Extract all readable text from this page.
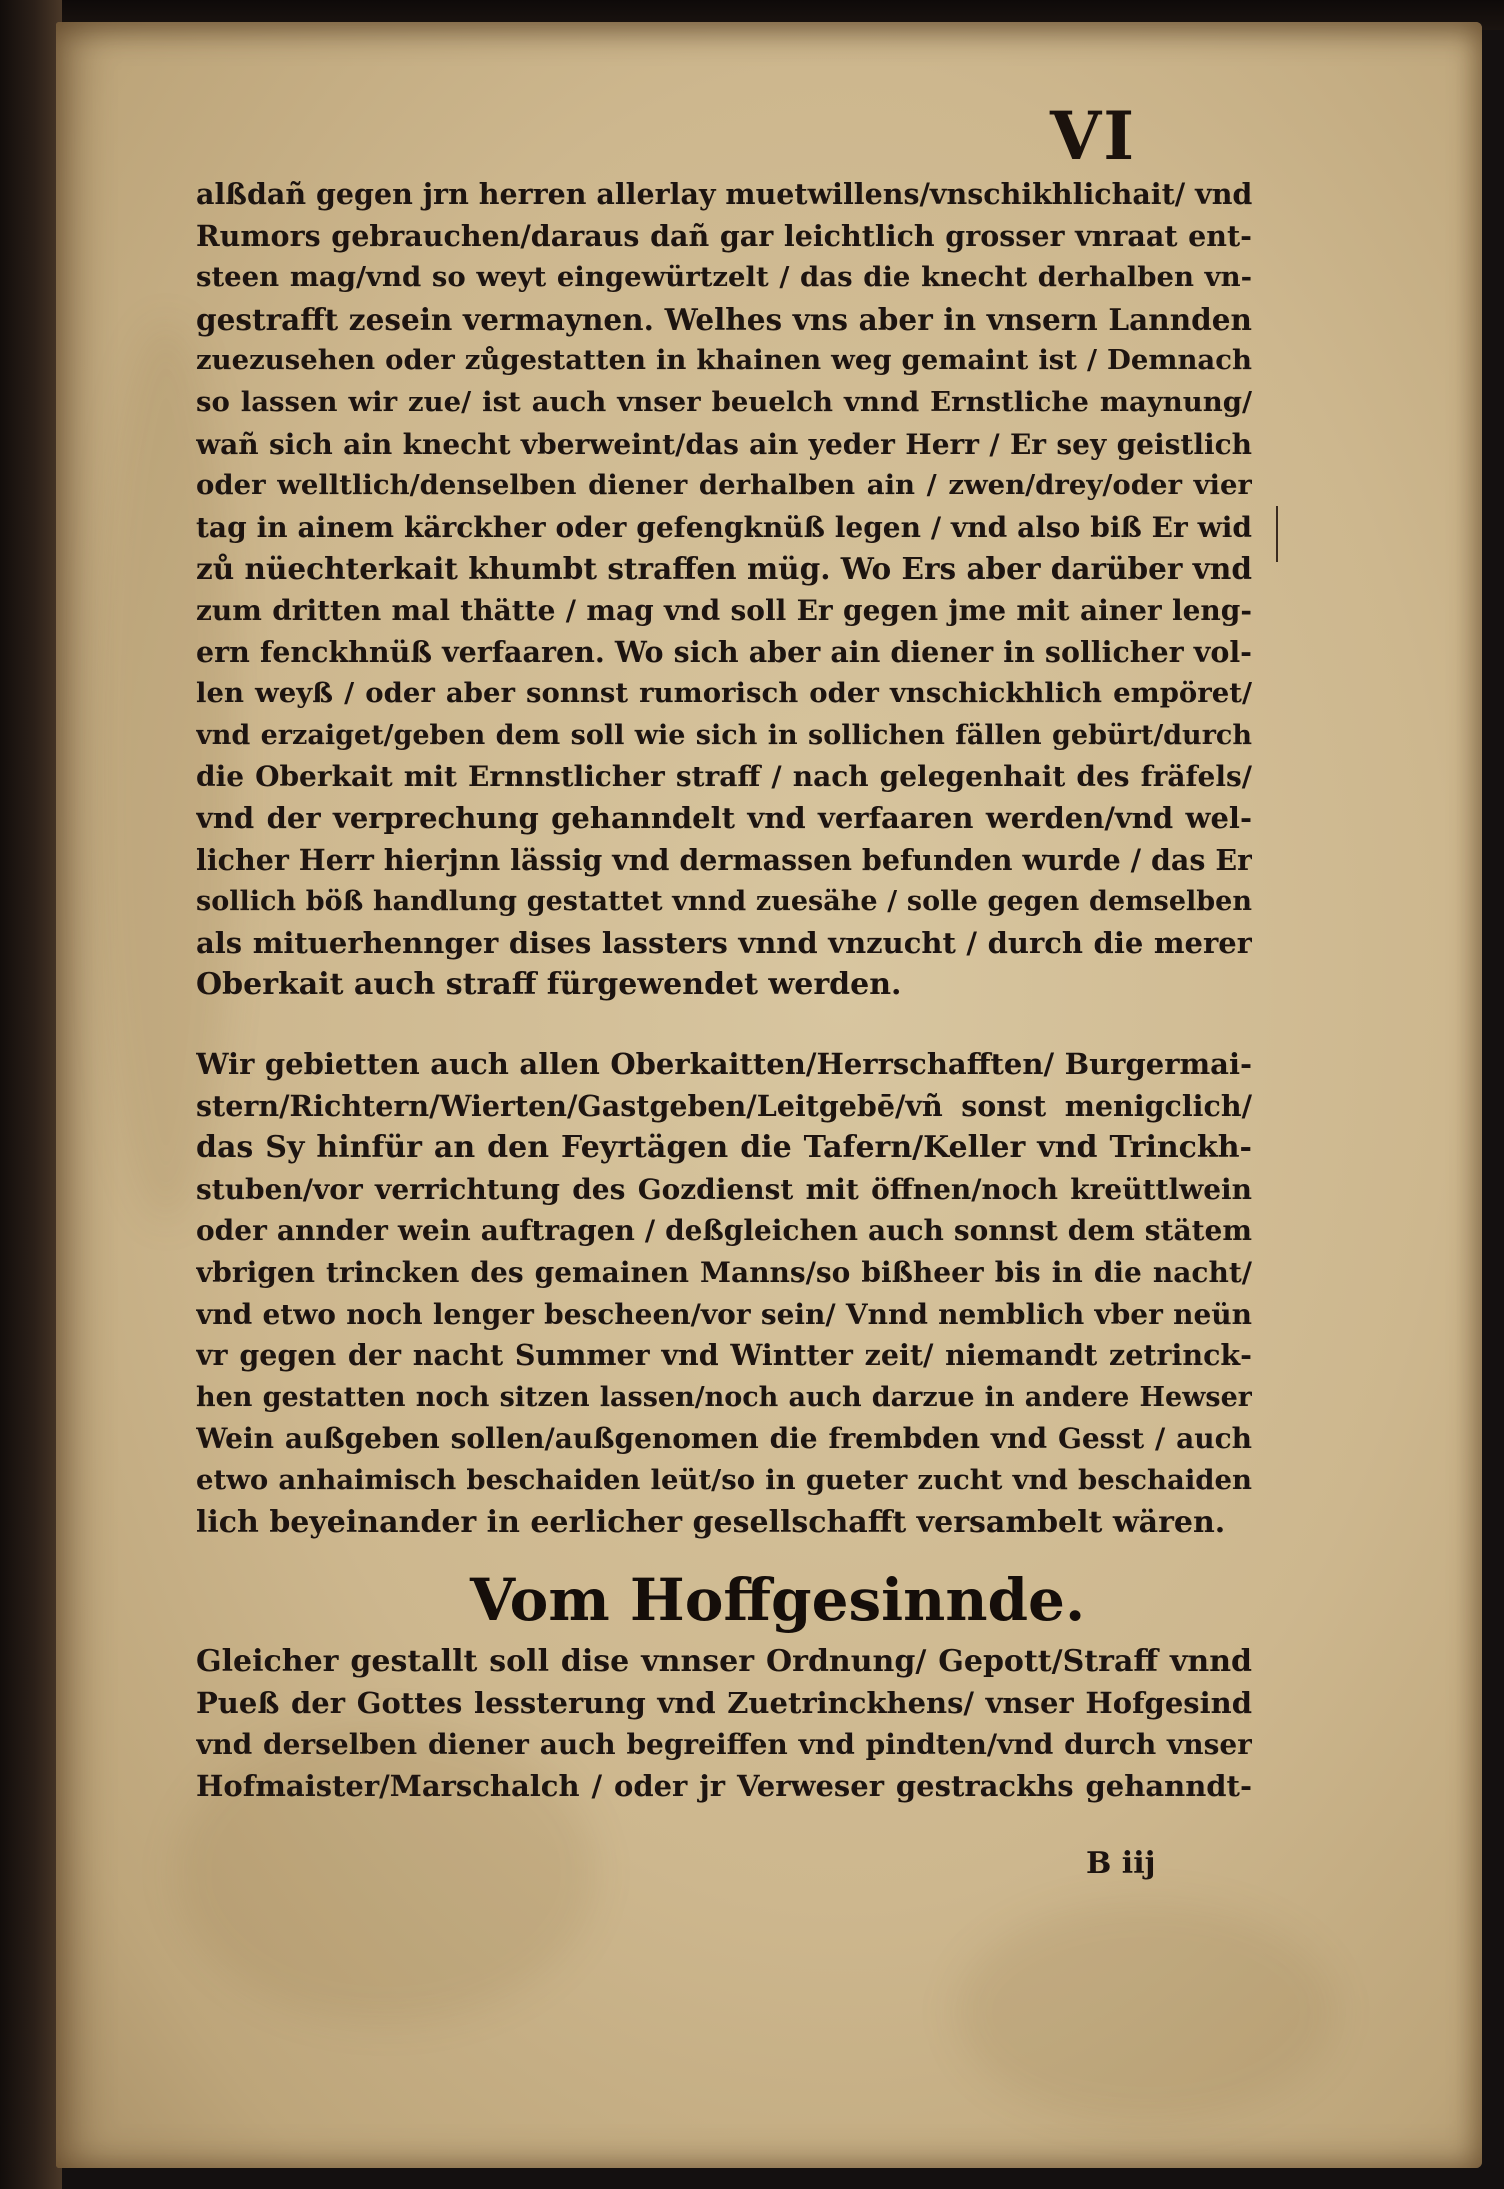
VI
alßdañ gegen jrn herren allerlay muetwillens/vnschikhlichait/ vnd
Rumors gebrauchen/daraus dañ gar leichtlich grosser vnraat ent‑
steen mag/vnd so weyt eingewürtzelt / das die knecht derhalben vn‑
gestrafft zesein vermaynen. Welhes vns aber in vnsern Lannden
zuezusehen oder zůgestatten in khainen weg gemaint ist / Demnach
so lassen wir zue/ ist auch vnser beuelch vnnd Ernstliche maynung/
wañ sich ain knecht vberweint/das ain yeder Herr / Er sey geistlich
oder welltlich/denselben diener derhalben ain / zwen/drey/oder vier
tag in ainem kärckher oder gefengknüß legen / vnd also biß Er wid
zů nüechterkait khumbt straffen müg. Wo Ers aber darüber vnd
zum dritten mal thätte / mag vnd soll Er gegen jme mit ainer leng‑
ern fenckhnüß verfaaren. Wo sich aber ain diener in sollicher vol‑
len weyß / oder aber sonnst rumorisch oder vnschickhlich empöret/
vnd erzaiget/geben dem soll wie sich in sollichen fällen gebürt/durch
die Oberkait mit Ernnstlicher straff / nach gelegenhait des fräfels/
vnd der verprechung gehanndelt vnd verfaaren werden/vnd wel‑
licher Herr hierjnn lässig vnd dermassen befunden wurde / das Er
sollich böß handlung gestattet vnnd zuesähe / solle gegen demselben
als mituerhennger dises lassters vnnd vnzucht / durch die merer
Oberkait auch straff fürgewendet werden.
Wir gebietten auch allen Oberkaitten/Herrschafften/ Burgermai‑
stern/Richtern/Wierten/Gastgeben/Leitgebē/vñ sonst menigclich/
das Sy hinfür an den Feyrtägen die Tafern/Keller vnd Trinckh‑
stuben/vor verrichtung des Gozdienst mit öffnen/noch kreüttlwein
oder annder wein auftragen / deßgleichen auch sonnst dem stätem
vbrigen trincken des gemainen Manns/so bißheer bis in die nacht/
vnd etwo noch lenger bescheen/vor sein/ Vnnd nemblich vber neün
vr gegen der nacht Summer vnd Wintter zeit/ niemandt zetrinck‑
hen gestatten noch sitzen lassen/noch auch darzue in andere Hewser
Wein außgeben sollen/außgenomen die frembden vnd Gesst / auch
etwo anhaimisch beschaiden leüt/so in gueter zucht vnd beschaiden
lich beyeinander in eerlicher gesellschafft versambelt wären.
Vom Hoffgesinnde.
Gleicher gestallt soll dise vnnser Ordnung/ Gepott/Straff vnnd
Pueß der Gottes lessterung vnd Zuetrinckhens/ vnser Hofgesind
vnd derselben diener auch begreiffen vnd pindten/vnd durch vnser
Hofmaister/Marschalch / oder jr Verweser gestrackhs gehanndt‑
B iij
